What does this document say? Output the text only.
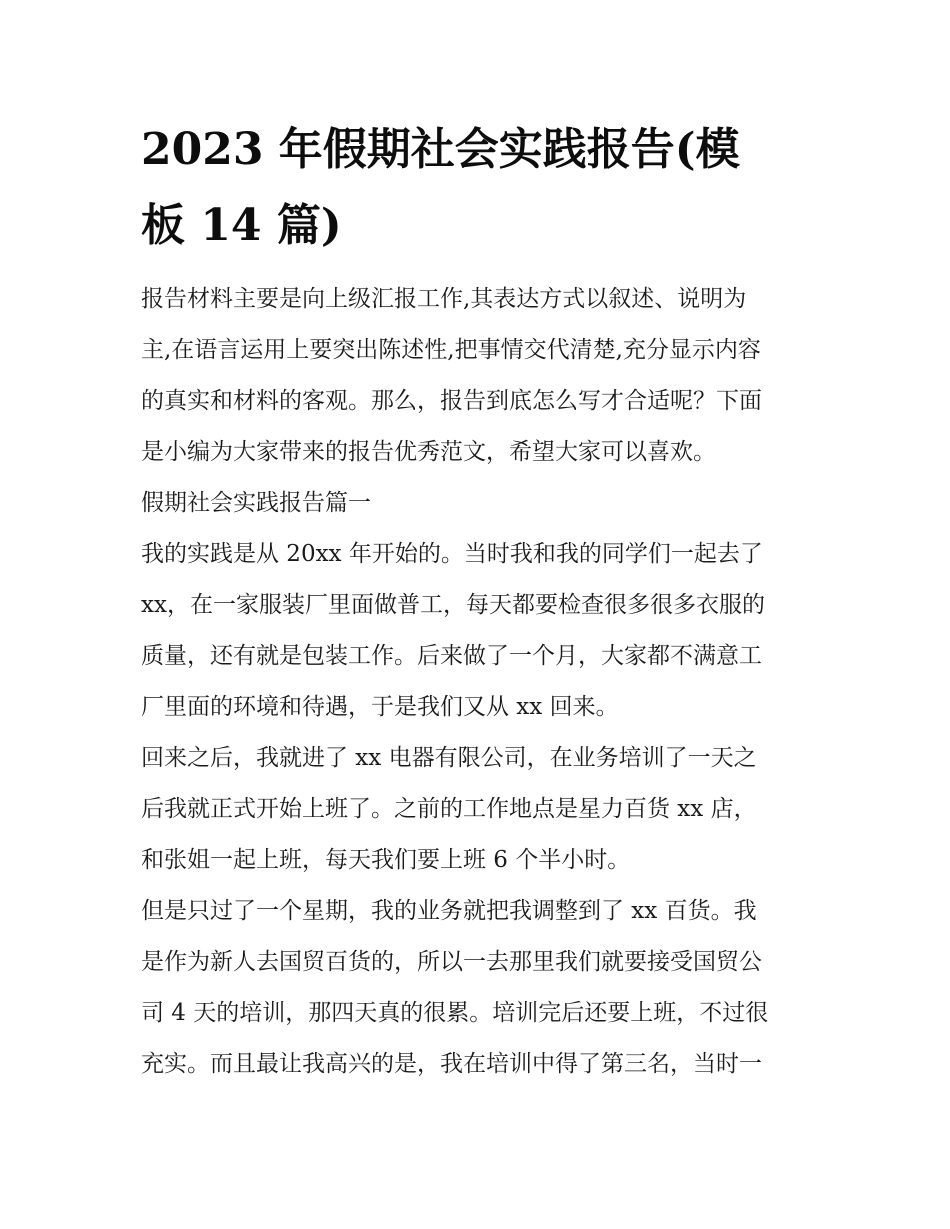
2023 年假期社会实践报告(模
板 14 篇)
报告材料主要是向上级汇报工作,其表达方式以叙述、说明为
主,在语言运用上要突出陈述性,把事情交代清楚,充分显示内容
的真实和材料的客观。那么，报告到底怎么写才合适呢？下面
是小编为大家带来的报告优秀范文，希望大家可以喜欢。
假期社会实践报告篇一
我的实践是从 20xx 年开始的。当时我和我的同学们一起去了
xx，在一家服装厂里面做普工，每天都要检查很多很多衣服的
质量，还有就是包装工作。后来做了一个月，大家都不满意工
厂里面的环境和待遇，于是我们又从 xx 回来。
回来之后，我就进了 xx 电器有限公司，在业务培训了一天之
后我就正式开始上班了。之前的工作地点是星力百货 xx 店，
和张姐一起上班，每天我们要上班 6 个半小时。
但是只过了一个星期，我的业务就把我调整到了 xx 百货。我
是作为新人去国贸百货的，所以一去那里我们就要接受国贸公
司 4 天的培训，那四天真的很累。培训完后还要上班，不过很
充实。而且最让我高兴的是，我在培训中得了第三名，当时一
